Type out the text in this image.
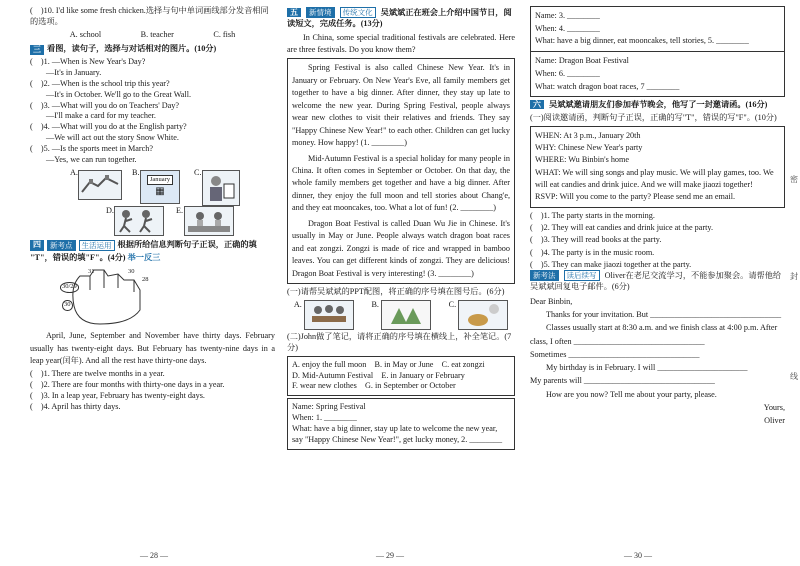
(　)10. I'd like some fresh chicken.选择与句中单词画线部分发音相同的选项。
A. school	B. teacher	C. fish
三 看图，读句子，选择与对话相对的图片。(10分)
(　)1. —When is New Year's Day?
—It's in January.
(　)2. —When is the school trip this year?
—It's in October. We'll go to the Great Wall.
(　)3. —What will you do on Teachers' Day?
—I'll make a card for my teacher.
(　)4. —What will you do at the English party?
—We will act out the story Snow White.
(　)5. —Is the sports meet in March?
—Yes, we can run together.
A.	B.
January
▦
C.
D.	E.
四	新考点	生活运用 根据所给信息判断句子正误，正确的填
"T"，错误的填"F"。(4分) 举一反三
31	30
30/29
30
28

April, June, September and November have thirty days. February usually has twenty-eight days. But February has twenty-nine days in a leap year(闰年). And all the rest have thirty-one days.

(　)1. There are twelve months in a year.
(　)2. There are four months with thirty-one days in a year.
(　)3. In a leap year, February has twenty-eight days.
(　)4. April has thirty days.
— 28 —
五 新情境 传统文化 吴斌斌正在班会上介绍中国节日，阅读短文，完成任务。(13分)

In China, some special traditional festivals are celebrated. Here are three festivals. Do you know them?

Spring Festival is also called Chinese New Year. It's in January or February. On New Year's Eve, all family members get together to have a big dinner. After dinner, they stay up late to welcome the new year. During Spring Festival, people always wear new clothes to visit their relatives and friends. They say "Happy Chinese New Year!" to each other. Children can get lucky money. How happy! (1. ________)

Mid-Autumn Festival is a special holiday for many people in China. It often comes in September or October. On that day, the whole family members get together and have a big dinner. After dinner, they enjoy the full moon and tell stories about Chang'e, and they eat mooncakes, too. What a lot of fun! (2. ________)

Dragon Boat Festival is called Duan Wu Jie in Chinese. It's usually in May or June. People always watch dragon boat races and eat zongzi. Zongzi is made of rice and wrapped in bamboo leaves. You can get different kinds of zongzi. They are delicious! Dragon Boat Festival is very interesting! (3. ________)

(一)请帮吴斌斌的PPT配图，将正确的序号填在图号后。(6分)
A.	B.	C.
(二)John做了笔记，请将正确的序号填在横线上，补全笔记。(7分)
A. enjoy the full moon　B. in May or June　C. eat zongzi
D. Mid-Autumn Festival　E. in January or February
F. wear new clothes　G. in September or October
Name: Spring Festival
When: 1. ________
What: have a big dinner, stay up late to welcome the new year, say "Happy Chinese New Year!", get lucky money, 2. ________
— 29 —
Name: 3. ________
When: 4. ________
What: have a big dinner, eat mooncakes, tell stories, 5. ________
Name: Dragon Boat Festival
When: 6. ________
What: watch dragon boat races, 7 ________
六 吴斌斌邀请朋友们参加春节晚会，他写了一封邀请函。(16分)
(一)阅读邀请函，判断句子正误，正确的写"T"，错误的写"F"。(10分)
WHEN: At 3 p.m., January 20th
WHY: Chinese New Year's party
WHERE: Wu Binbin's home
WHAT: We will sing songs and play music. We will play games, too. We will eat candies and drink juice. And we will make jiaozi together!
RSVP: Will you come to the party? Please send me an email.
(　)1. The party starts in the morning.
(　)2. They will eat candies and drink juice at the party.
(　)3. They will read books at the party.
(　)4. The party is in the music room.
(　)5. They can make jiaozi together at the party.
新考法 读后续写 Oliver在老尼交流学习，不能参加聚会。请帮他给吴斌斌回复电子邮件。(6分)
Dear Binbin,
Thanks for your invitation. But ________________________________
Classes usually start at 8:30 a.m. and we finish class at 4:00 p.m. After class, I often ________________________________
Sometimes ________________________________
My birthday is in February. I will ______________________
My parents will ________________________________
How are you now? Tell me about your party, please.
Yours,
Oliver
— 30 —
密
封
线
